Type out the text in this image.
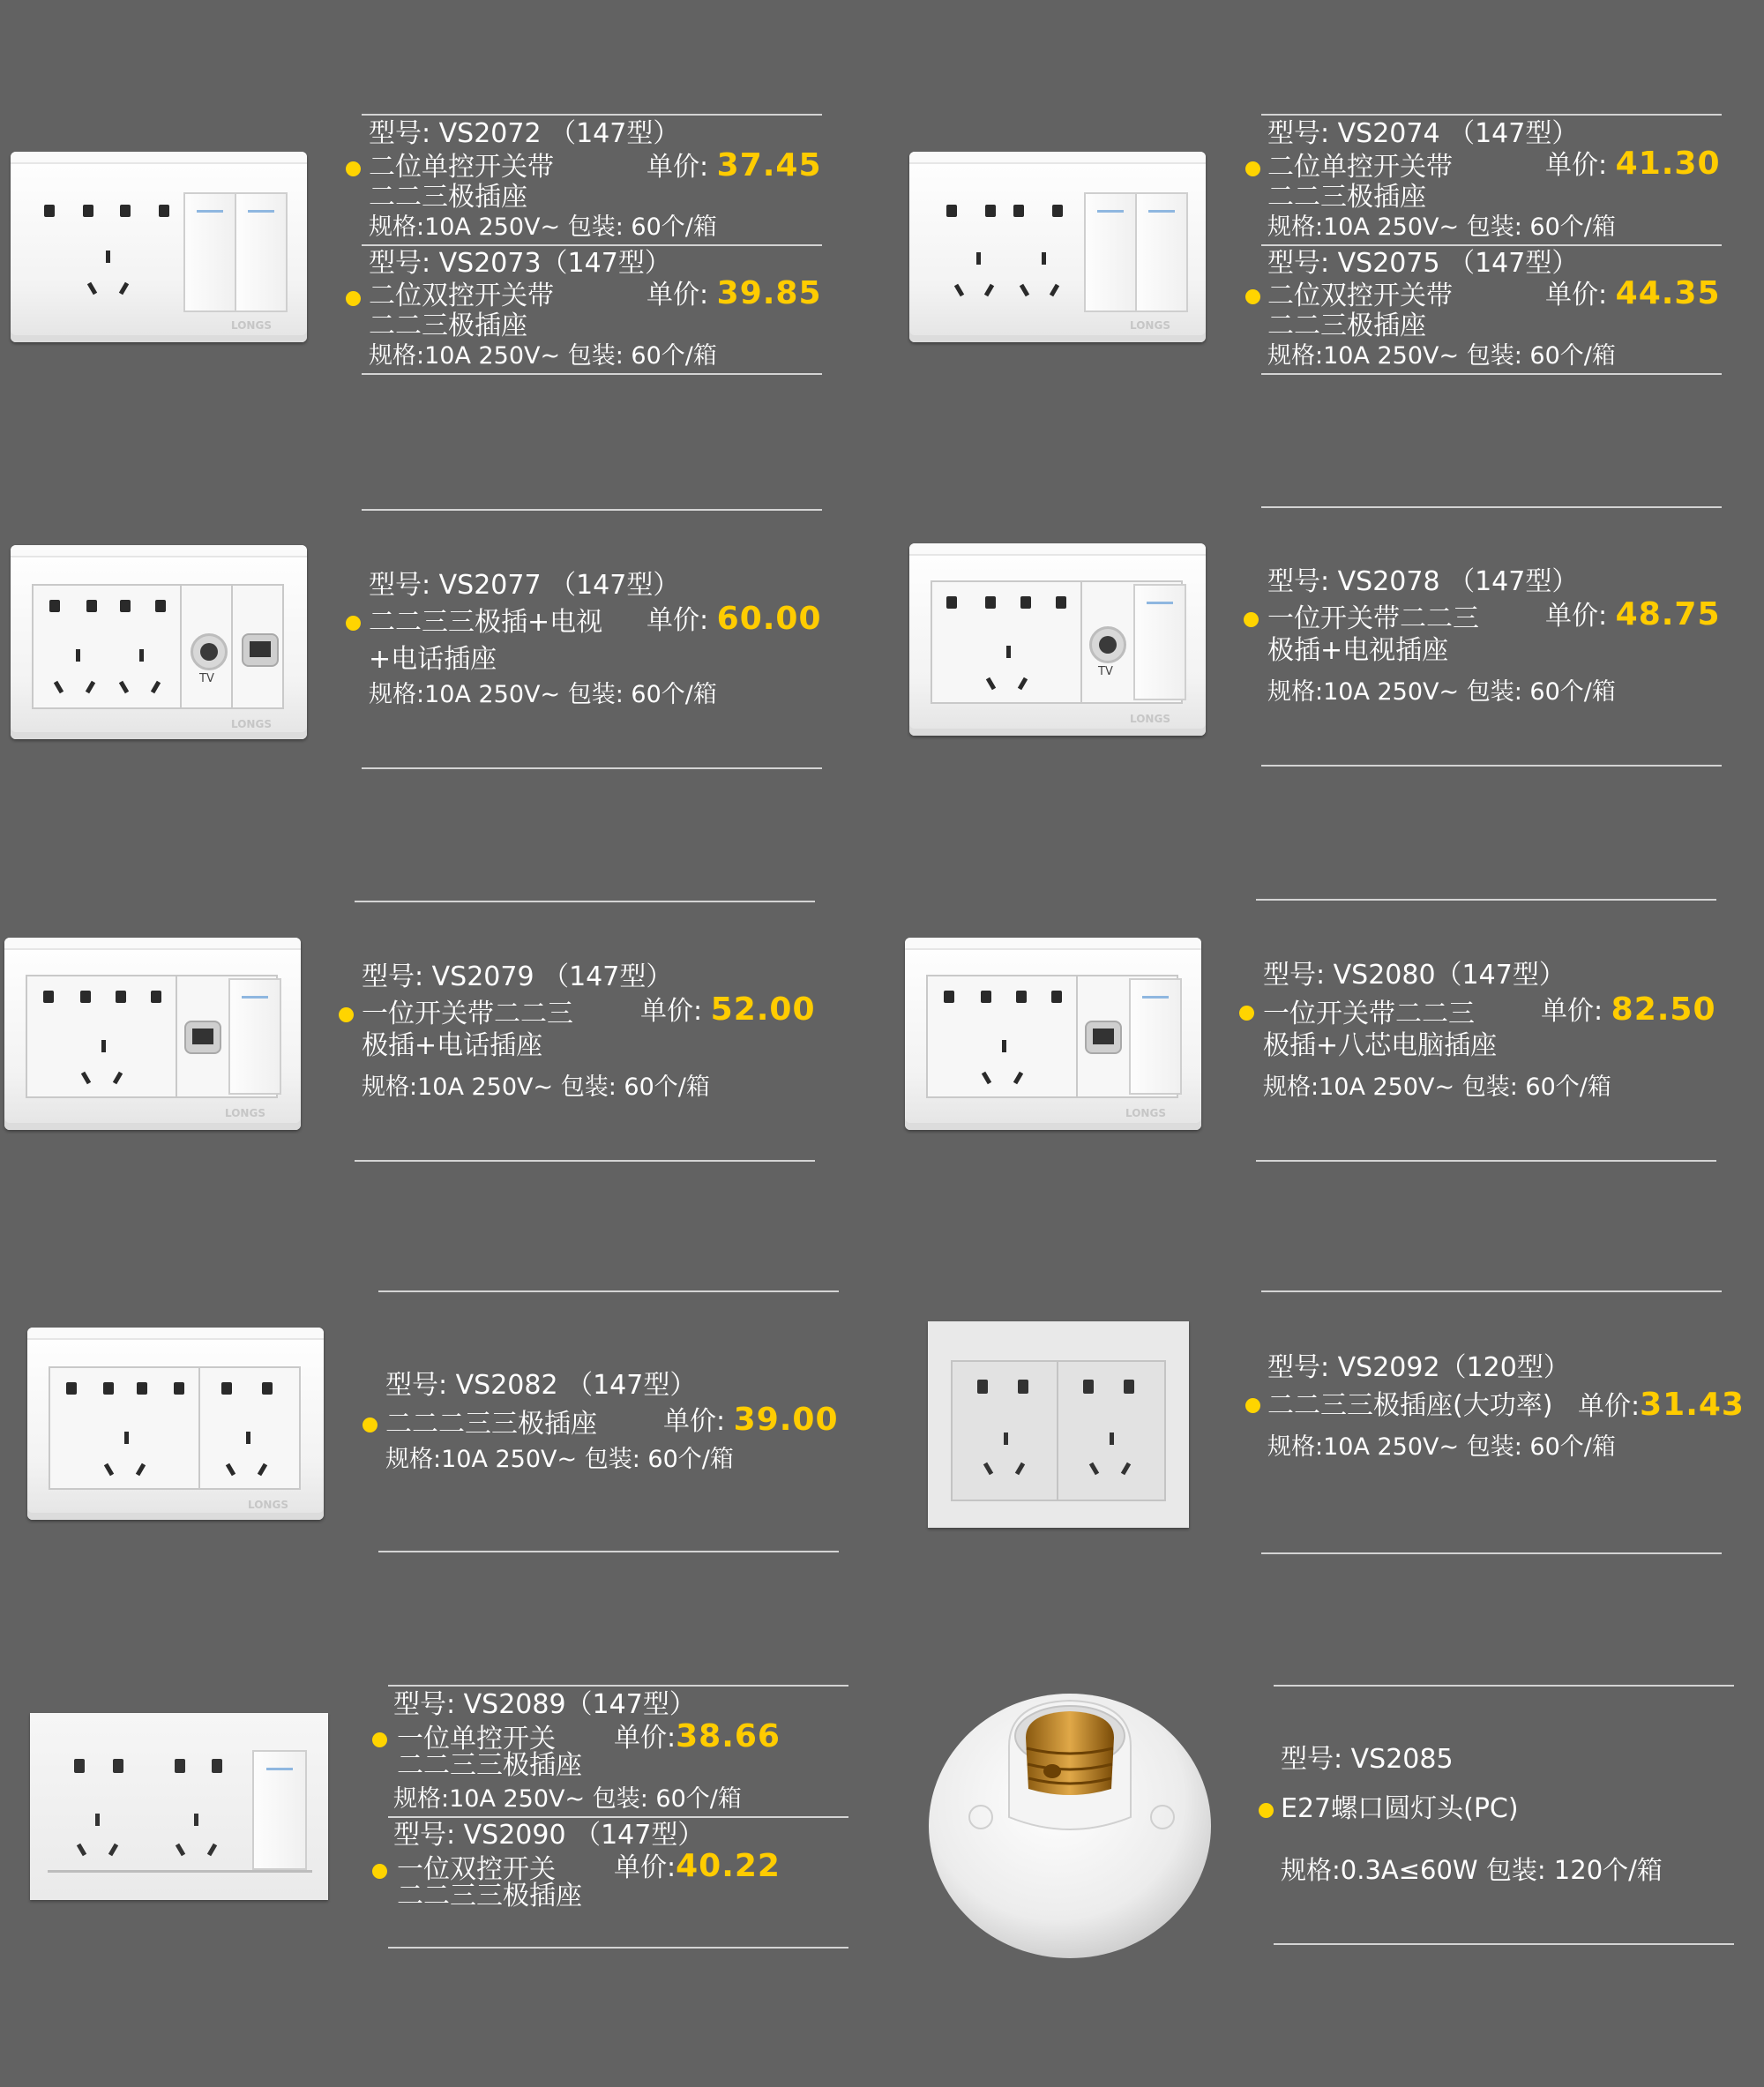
LONGS
型号: VS2072 （147型）
二位单控开关带	单价: 37.45
二二三极插座
规格:10A 250V~ 包装: 60个/箱
型号: VS2073（147型）
二位双控开关带	单价: 39.85
二二三极插座
规格:10A 250V~ 包装: 60个/箱
LONGS
型号: VS2074 （147型）
二位单控开关带	单价: 41.30
二二三极插座
规格:10A 250V~ 包装: 60个/箱
型号: VS2075 （147型）
二位双控开关带	单价: 44.35
二二三极插座
规格:10A 250V~ 包装: 60个/箱
TV
LONGS
型号: VS2077 （147型）
二二三三极插+电视 单价: 60.00
+电话插座
规格:10A 250V~ 包装: 60个/箱
TV
LONGS
型号: VS2078 （147型）
一位开关带二二三	单价: 48.75
极插+电视插座
规格:10A 250V~ 包装: 60个/箱
LONGS
型号: VS2079 （147型）
一位开关带二二三	单价: 52.00
极插+电话插座
规格:10A 250V~ 包装: 60个/箱
LONGS
型号: VS2080（147型）
一位开关带二二三	单价: 82.50
极插+八芯电脑插座
规格:10A 250V~ 包装: 60个/箱
LONGS
型号: VS2082 （147型）
二二二三三极插座	单价: 39.00
规格:10A 250V~ 包装: 60个/箱
型号: VS2092（120型）
二二三三极插座(大功率) 单价:31.43
规格:10A 250V~ 包装: 60个/箱
型号: VS2089（147型）
一位单控开关 单价:38.66
二二三三极插座
规格:10A 250V~ 包装: 60个/箱
型号: VS2090 （147型）
一位双控开关 单价:40.22
二二三三极插座
型号: VS2085
E27螺口圆灯头(PC)
规格:0.3A≤60W 包装: 120个/箱
